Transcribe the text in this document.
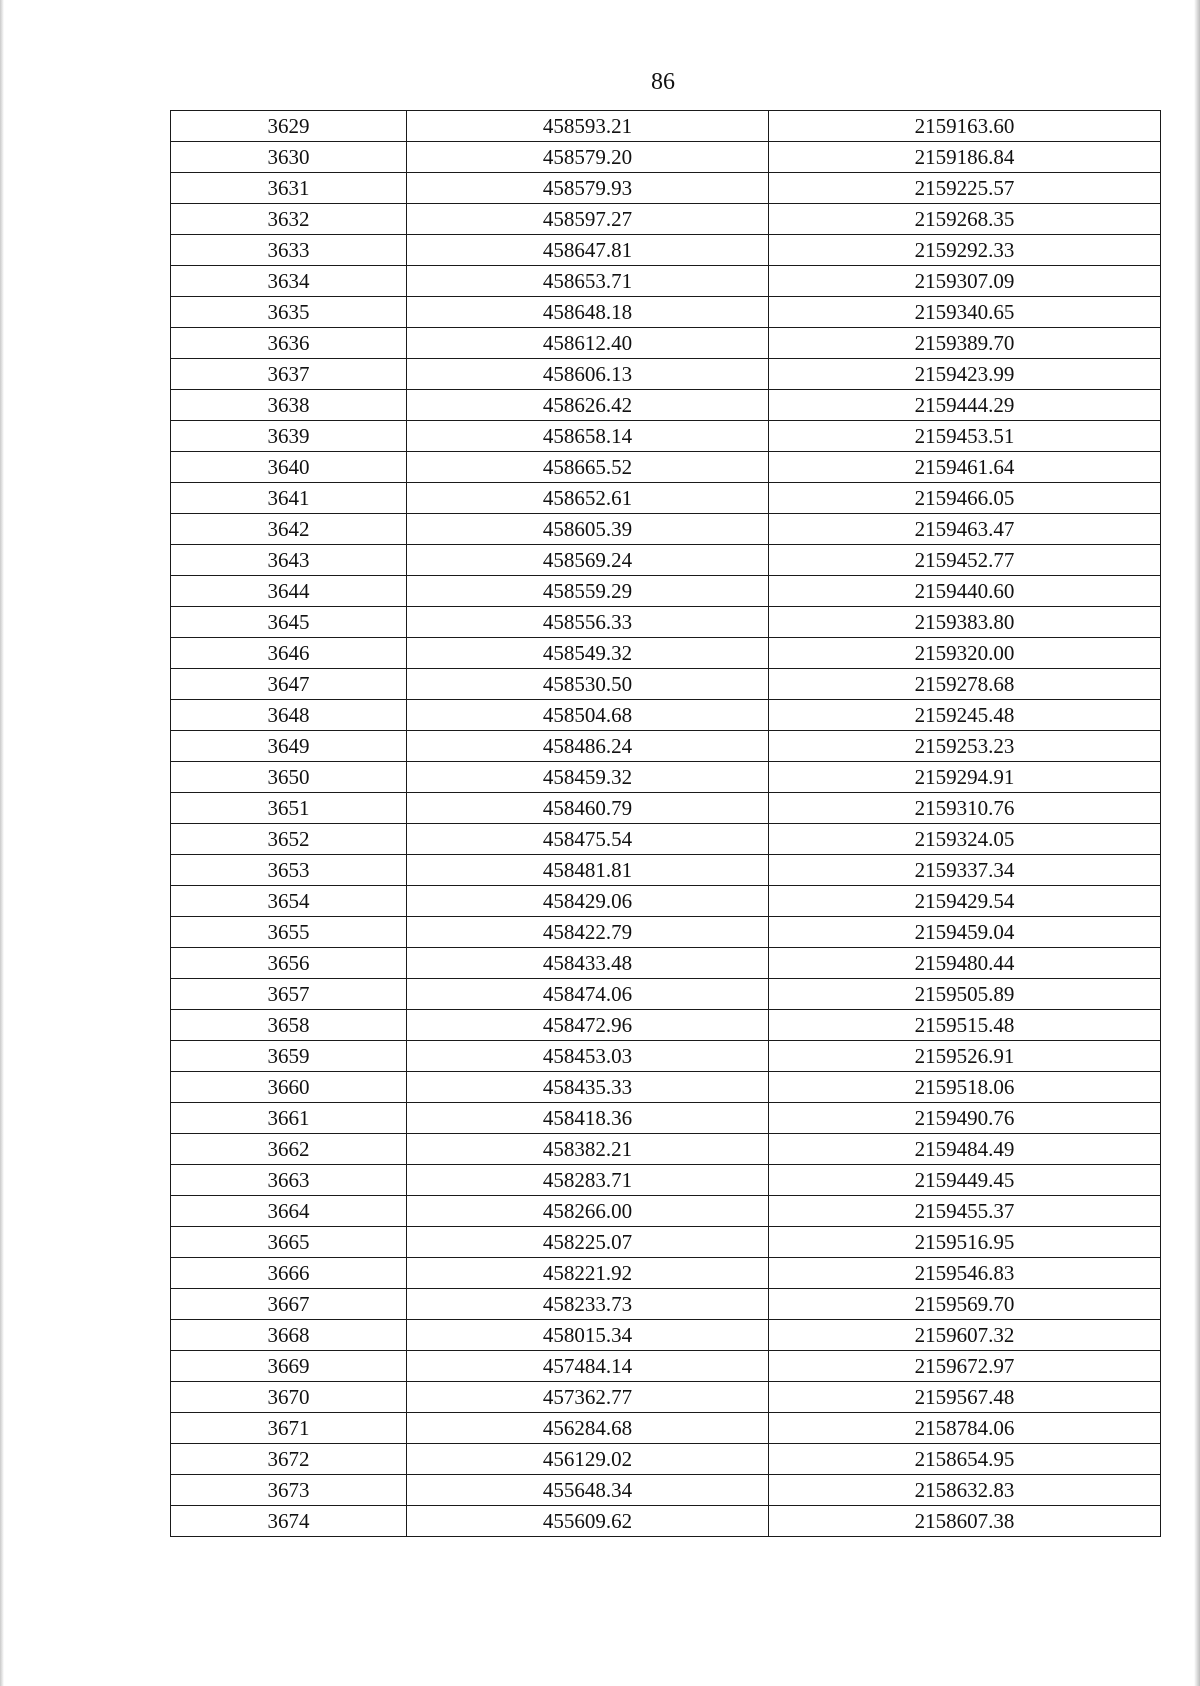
86
3629	458593.21	2159163.60
3630	458579.20	2159186.84
3631	458579.93	2159225.57
3632	458597.27	2159268.35
3633	458647.81	2159292.33
3634	458653.71	2159307.09
3635	458648.18	2159340.65
3636	458612.40	2159389.70
3637	458606.13	2159423.99
3638	458626.42	2159444.29
3639	458658.14	2159453.51
3640	458665.52	2159461.64
3641	458652.61	2159466.05
3642	458605.39	2159463.47
3643	458569.24	2159452.77
3644	458559.29	2159440.60
3645	458556.33	2159383.80
3646	458549.32	2159320.00
3647	458530.50	2159278.68
3648	458504.68	2159245.48
3649	458486.24	2159253.23
3650	458459.32	2159294.91
3651	458460.79	2159310.76
3652	458475.54	2159324.05
3653	458481.81	2159337.34
3654	458429.06	2159429.54
3655	458422.79	2159459.04
3656	458433.48	2159480.44
3657	458474.06	2159505.89
3658	458472.96	2159515.48
3659	458453.03	2159526.91
3660	458435.33	2159518.06
3661	458418.36	2159490.76
3662	458382.21	2159484.49
3663	458283.71	2159449.45
3664	458266.00	2159455.37
3665	458225.07	2159516.95
3666	458221.92	2159546.83
3667	458233.73	2159569.70
3668	458015.34	2159607.32
3669	457484.14	2159672.97
3670	457362.77	2159567.48
3671	456284.68	2158784.06
3672	456129.02	2158654.95
3673	455648.34	2158632.83
3674	455609.62	2158607.38
